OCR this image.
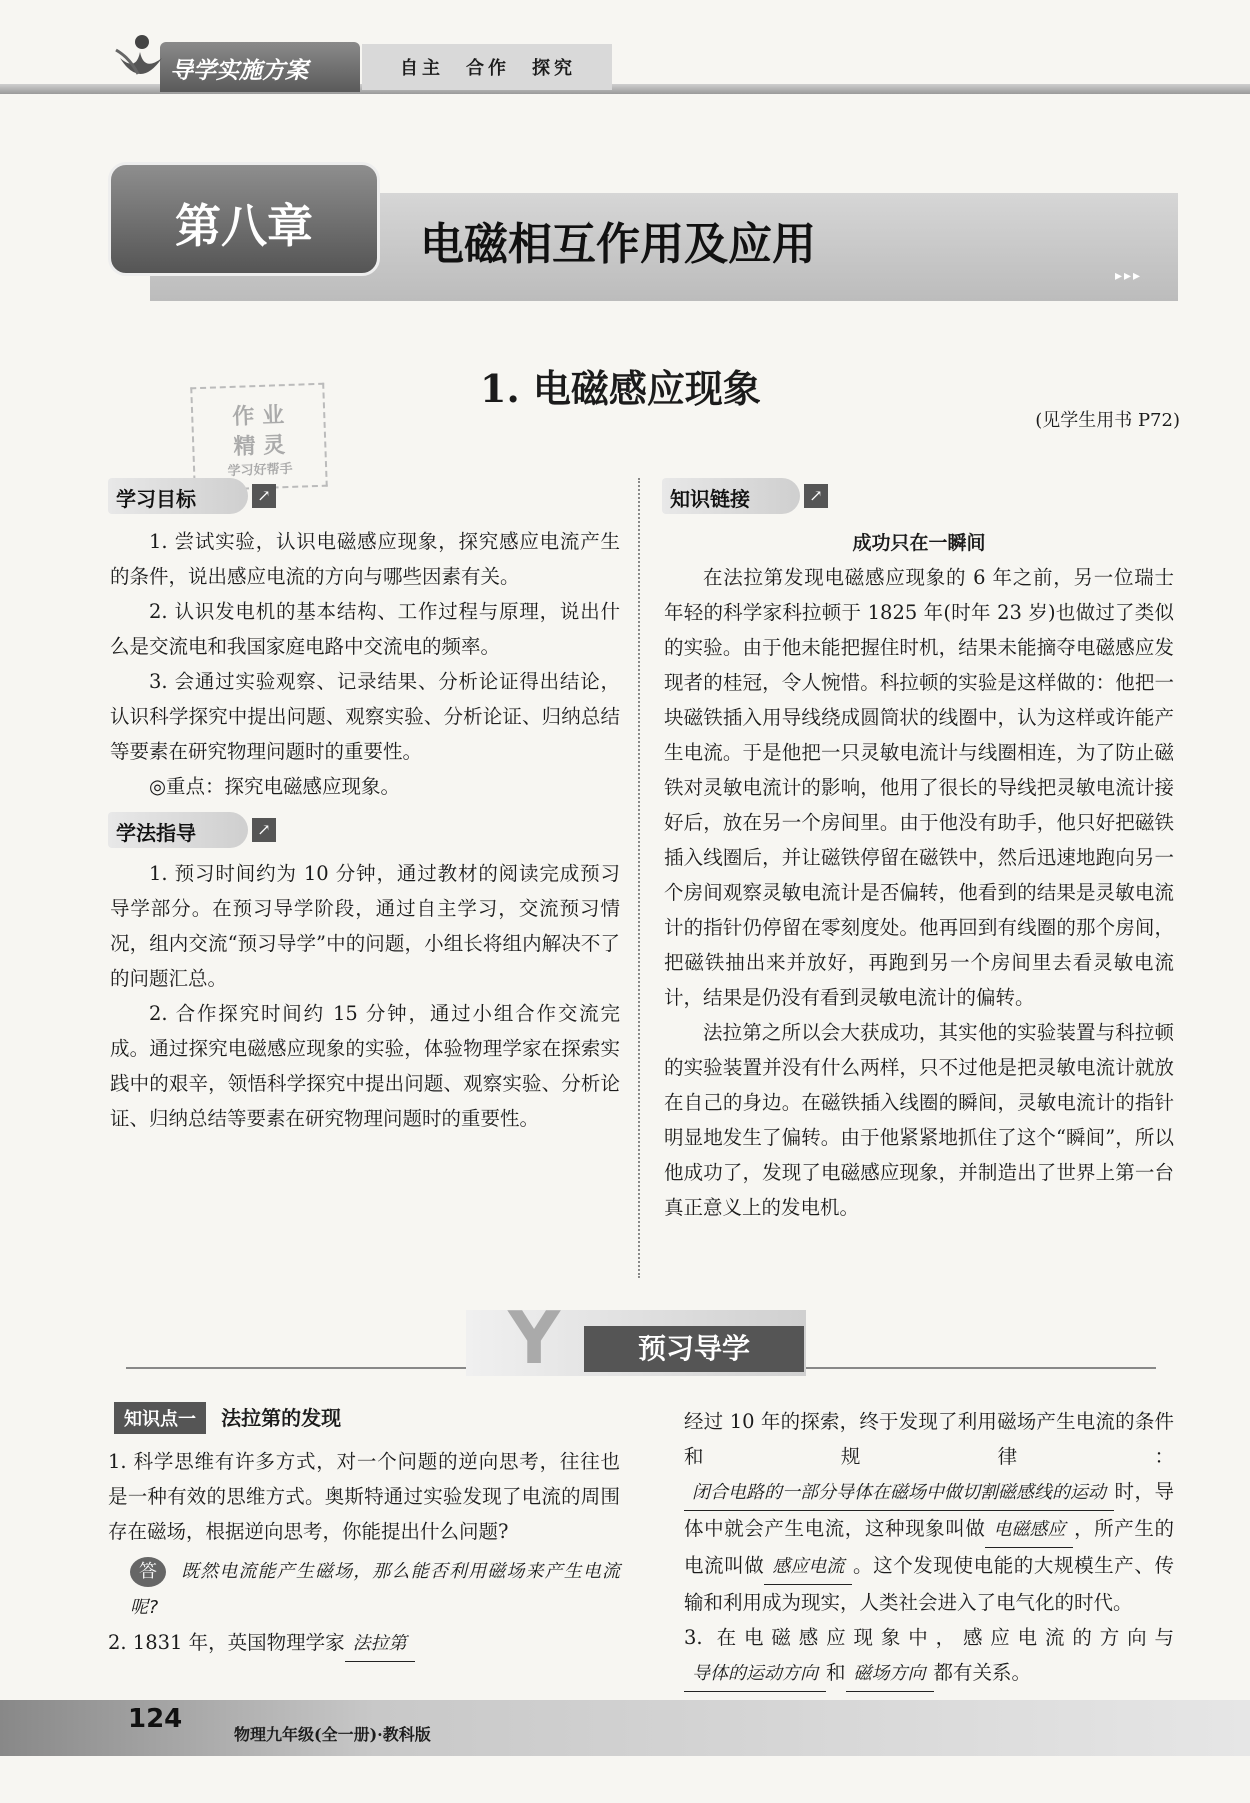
导学实施方案	自主　合作　探究
第八章	电磁相互作用及应用
▸▸▸
1. 电磁感应现象
(见学生用书 P72)
作 业
精 灵
学习好帮手
学习目标	↗

1. 尝试实验，认识电磁感应现象，探究感应电流产生的条件，说出感应电流的方向与哪些因素有关。

2. 认识发电机的基本结构、工作过程与原理，说出什么是交流电和我国家庭电路中交流电的频率。

3. 会通过实验观察、记录结果、分析论证得出结论，认识科学探究中提出问题、观察实验、分析论证、归纳总结等要素在研究物理问题时的重要性。

◎重点：探究电磁感应现象。

学法指导	↗

1. 预习时间约为 10 分钟，通过教材的阅读完成预习导学部分。在预习导学阶段，通过自主学习，交流预习情况，组内交流“预习导学”中的问题，小组长将组内解决不了的问题汇总。

2. 合作探究时间约 15 分钟，通过小组合作交流完成。通过探究电磁感应现象的实验，体验物理学家在探索实践中的艰辛，领悟科学探究中提出问题、观察实验、分析论证、归纳总结等要素在研究物理问题时的重要性。

知识链接	↗
成功只在一瞬间

在法拉第发现电磁感应现象的 6 年之前，另一位瑞士年轻的科学家科拉顿于 1825 年(时年 23 岁)也做过了类似的实验。由于他未能把握住时机，结果未能摘夺电磁感应发现者的桂冠，令人惋惜。科拉顿的实验是这样做的：他把一块磁铁插入用导线绕成圆筒状的线圈中，认为这样或许能产生电流。于是他把一只灵敏电流计与线圈相连，为了防止磁铁对灵敏电流计的影响，他用了很长的导线把灵敏电流计接好后，放在另一个房间里。由于他没有助手，他只好把磁铁插入线圈后，并让磁铁停留在磁铁中，然后迅速地跑向另一个房间观察灵敏电流计是否偏转，他看到的结果是灵敏电流计的指针仍停留在零刻度处。他再回到有线圈的那个房间，把磁铁抽出来并放好，再跑到另一个房间里去看灵敏电流计，结果是仍没有看到灵敏电流计的偏转。

法拉第之所以会大获成功，其实他的实验装置与科拉顿的实验装置并没有什么两样，只不过他是把灵敏电流计就放在自己的身边。在磁铁插入线圈的瞬间，灵敏电流计的指针明显地发生了偏转。由于他紧紧地抓住了这个“瞬间”，所以他成功了，发现了电磁感应现象，并制造出了世界上第一台真正意义上的发电机。

Y	预习导学
知识点一 法拉第的发现

1. 科学思维有许多方式，对一个问题的逆向思考，往往也是一种有效的思维方式。奥斯特通过实验发现了电流的周围存在磁场，根据逆向思考，你能提出什么问题?

答 既然电流能产生磁场，那么能否利用磁场来产生电流呢?

2. 1831 年，英国物理学家 法拉第

经过 10 年的探索，终于发现了利用磁场产生电流的条件和规律：闭合电路的一部分导体在磁场中做切割磁感线的运动 时，导体中就会产生电流，这种现象叫做 电磁感应 ，所产生的电流叫做 感应电流 。这个发现使电能的大规模生产、传输和利用成为现实，人类社会进入了电气化的时代。

3. 在电磁感应现象中，感应电流的方向与导体的运动方向 和 磁场方向 都有关系。

124
物理九年级(全一册)·教科版
